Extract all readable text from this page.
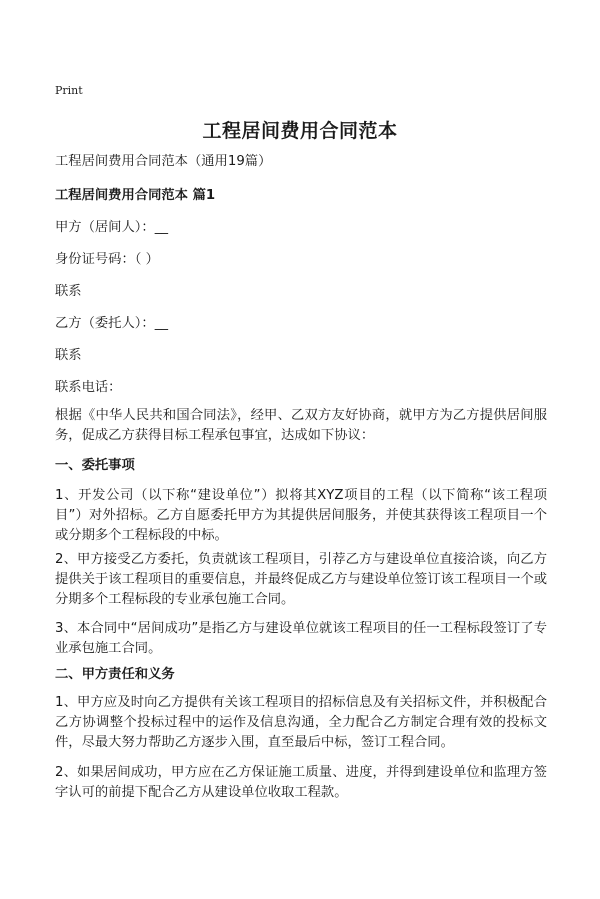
Print
工程居间费用合同范本
工程居间费用合同范本（通用19篇）
工程居间费用合同范本 篇1
甲方（居间人）：__
身份证号码：（ ）
联系
乙方（委托人）：__
联系
联系电话：
根据《中华人民共和国合同法》，经甲、乙双方友好协商，就甲方为乙方提供居间服务，促成乙方获得目标工程承包事宜，达成如下协议：
一、委托事项
1、开发公司（以下称“建设单位”）拟将其XYZ项目的工程（以下简称“该工程项目”）对外招标。乙方自愿委托甲方为其提供居间服务，并使其获得该工程项目一个或分期多个工程标段的中标。
2、甲方接受乙方委托，负责就该工程项目，引荐乙方与建设单位直接洽谈，向乙方提供关于该工程项目的重要信息，并最终促成乙方与建设单位签订该工程项目一个或分期多个工程标段的专业承包施工合同。
3、本合同中“居间成功”是指乙方与建设单位就该工程项目的任一工程标段签订了专业承包施工合同。
二、甲方责任和义务
1、甲方应及时向乙方提供有关该工程项目的招标信息及有关招标文件，并积极配合乙方协调整个投标过程中的运作及信息沟通，全力配合乙方制定合理有效的投标文件，尽最大努力帮助乙方逐步入围，直至最后中标，签订工程合同。
2、如果居间成功，甲方应在乙方保证施工质量、进度，并得到建设单位和监理方签字认可的前提下配合乙方从建设单位收取工程款。
